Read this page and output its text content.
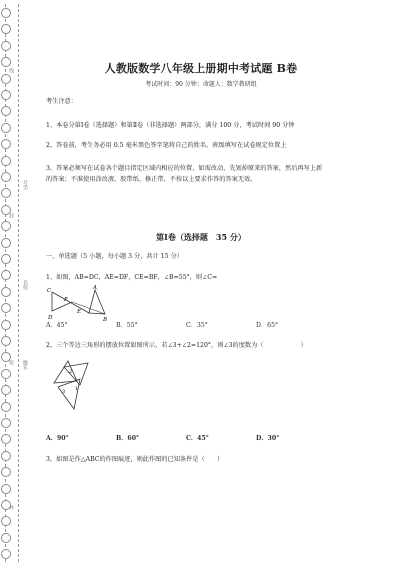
线
封
号学
名姓
级年
密
外
人教版数学八年级上册期中考试题 B卷
考试时间：90 分钟；命题人：数学教研组
考生注意：
1、本卷分第Ⅰ卷（选择题）和第Ⅱ卷（非选择题）两部分，满分 100 分，考试时间 90 分钟
2、答卷前，考生务必用 0.5 毫米黑色签字笔将自己的姓名、班级填写在试卷规定位置上
3、答案必须写在试卷各个题目指定区域内相应的位置，如需改动，先划掉原来的答案，然后再写上新
的答案；不准使用涂改液、胶带纸、修正带，不按以上要求作答的答案无效。
第Ⅰ卷（选择题　35 分）
一、单选题（5 小题，每小题 3 分，共计 15 分）
1、如图，AB=DC，AE=DF，CE=BF，∠B=55°，则∠C=
C
F
A
E
D	B
A．45°	B．55°	C．35°	D．65°
2、三个等边三角形的摆放位置如图所示，若∠3+∠2=120°，则∠3的度数为（　　　　　　）
2
1
3
A．90°	B．60°	C．45°	D．30°
3、如图是作△ABC的作图痕迹，则此作图的已知条件是（　　）
